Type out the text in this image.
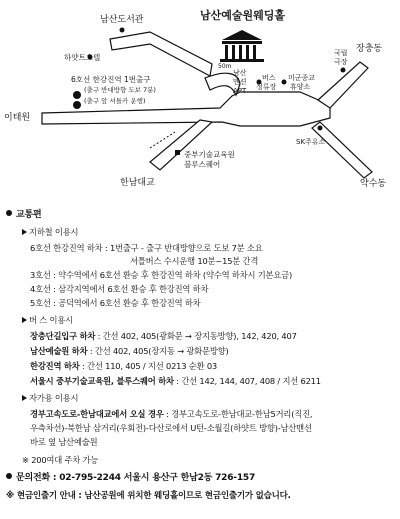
남산예술원웨딩홀
남산도서관
하얏트호텔
6호선 한강진역 1번출구
(출구 반대방향 도보 7분)
(출구 앞 셔틀카 운행)
이태원
한남대교
중부기술교육원
블루스퀘어
남산
맨션
APT
버스
정류장
미군종교
휴양소
국립
극장
장충동
약수동
SK주유소
50m
교통편
지하철 이용시
6호선 한강진역 하차 : 1번출구 - 출구 반대방향으로 도보 7분 소요
셔틀버스 수시운행 10분~15분 간격
3호선 : 약수역에서 6호선 환승 후 한강진역 하차 (약수역 하차시 기본요금)
4호선 : 삼각지역에서 6호선 환승 후 한강진역 하차
5호선 : 공덕역에서 6호선 환승 후 한강진역 하차
버 스 이용시
장충단길입구 하차 : 간선 402, 405(광화문 → 장지동방향), 142, 420, 407
남산예술원 하차 : 간선 402, 405(장지동 → 광화문방향)
한강진역 하차 : 간선 110, 405 / 지선 0213 순환 03
서울시 중부기술교육원, 블루스퀘어 하차 : 간선 142, 144, 407, 408 / 지선 6211
자가용 이용시
경부고속도로-한남대교에서 오실 경우 : 경부고속도로-한남대교-한남5거리(직진,
우측차선)-북한남 삼거리(우회전)-다산로에서 U턴-소월길(하얏트 방향)-남산맨션
바로 옆 남산예술원
※ 200여대 주차 가능
문의전화 : 02-795-2244 서울시 용산구 한남2동 726-157
※ 현금인출기 안내 : 남산공원에 위치한 웨딩홀이므로 현금인출기가 없습니다.
